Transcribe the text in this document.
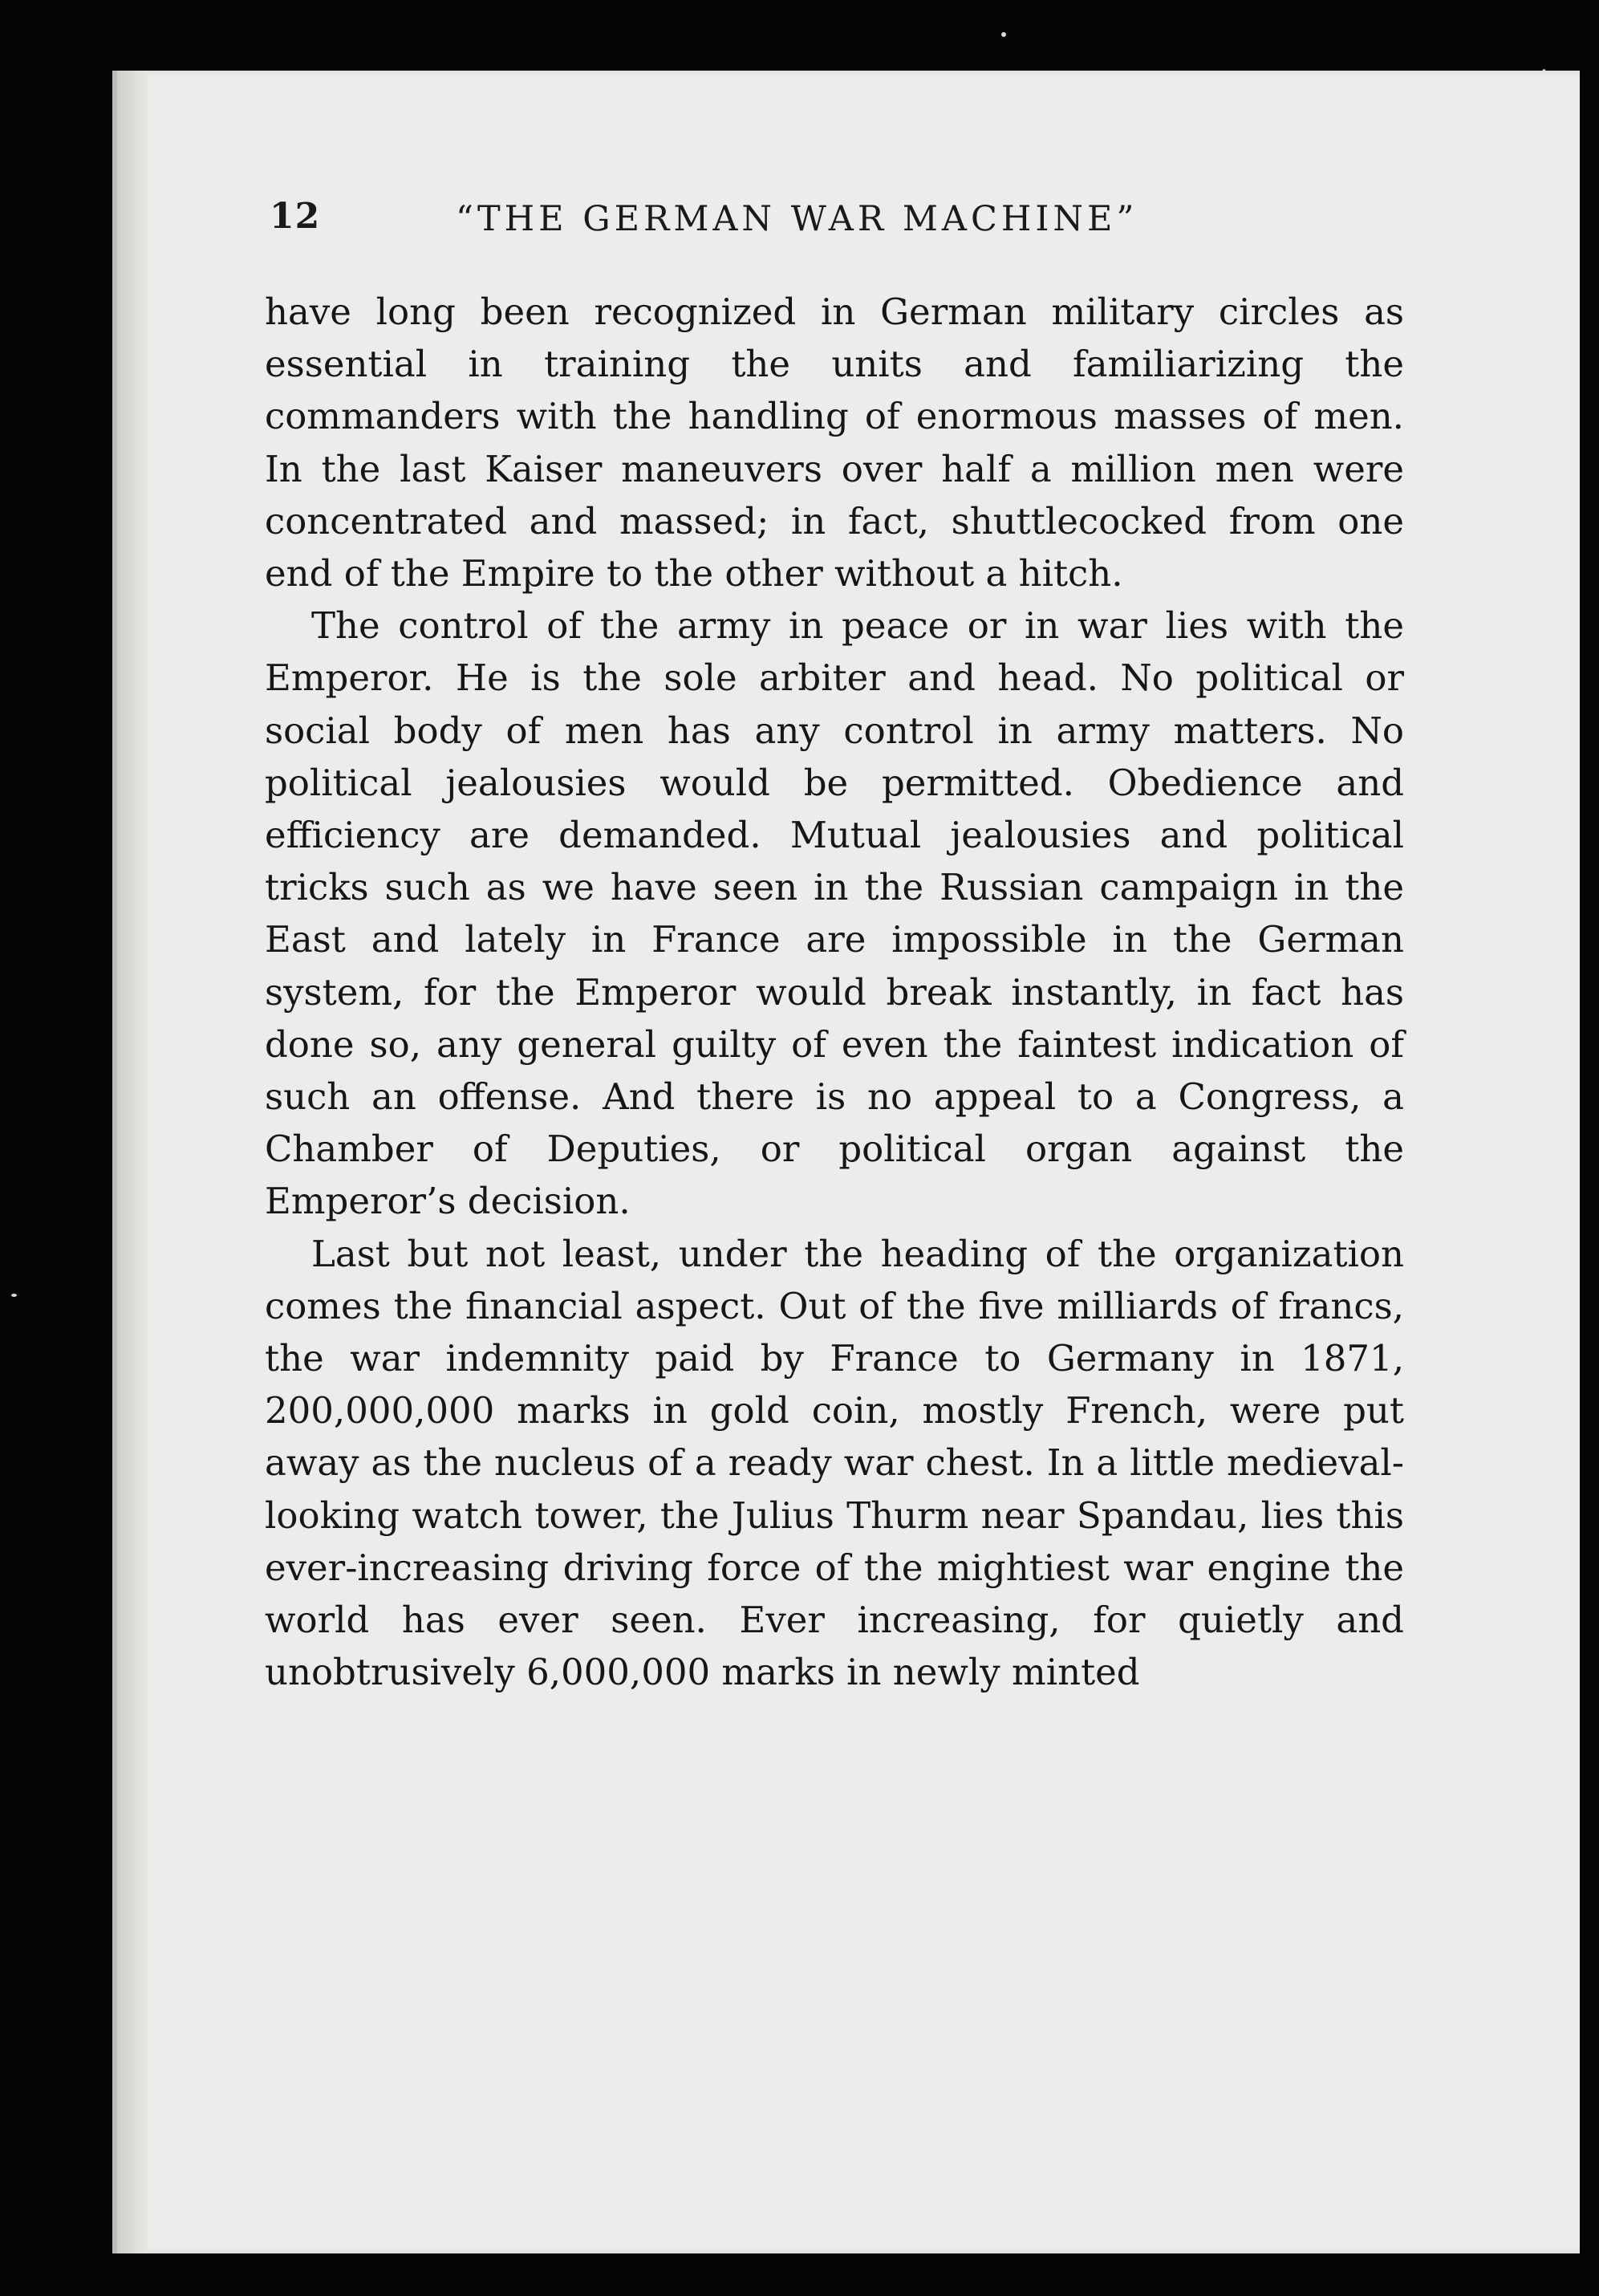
12	“THE GERMAN WAR MACHINE”

have long been recognized in German military circles as essential in training the units and familiarizing the commanders with the handling of enormous masses of men. In the last Kaiser maneuvers over half a million men were concentrated and massed; in fact, shuttlecocked from one end of the Empire to the other without a hitch.

The control of the army in peace or in war lies with the Emperor. He is the sole arbiter and head. No political or social body of men has any control in army matters. No political jealousies would be permitted. Obedience and efficiency are demanded. Mutual jealousies and political tricks such as we have seen in the Russian campaign in the East and lately in France are impossible in the German system, for the Emperor would break instantly, in fact has done so, any general guilty of even the faintest indication of such an offense. And there is no appeal to a Congress, a Chamber of Deputies, or political organ against the Emperor’s decision.

Last but not least, under the heading of the organization comes the financial aspect. Out of the five milliards of francs, the war indemnity paid by France to Germany in 1871, 200,000,000 marks in gold coin, mostly French, were put away as the nucleus of a ready war chest. In a little medieval-looking watch tower, the Julius Thurm near Spandau, lies this ever-increasing driving force of the mightiest war engine the world has ever seen. Ever increasing, for quietly and unobtrusively 6,000,000 marks in newly minted
